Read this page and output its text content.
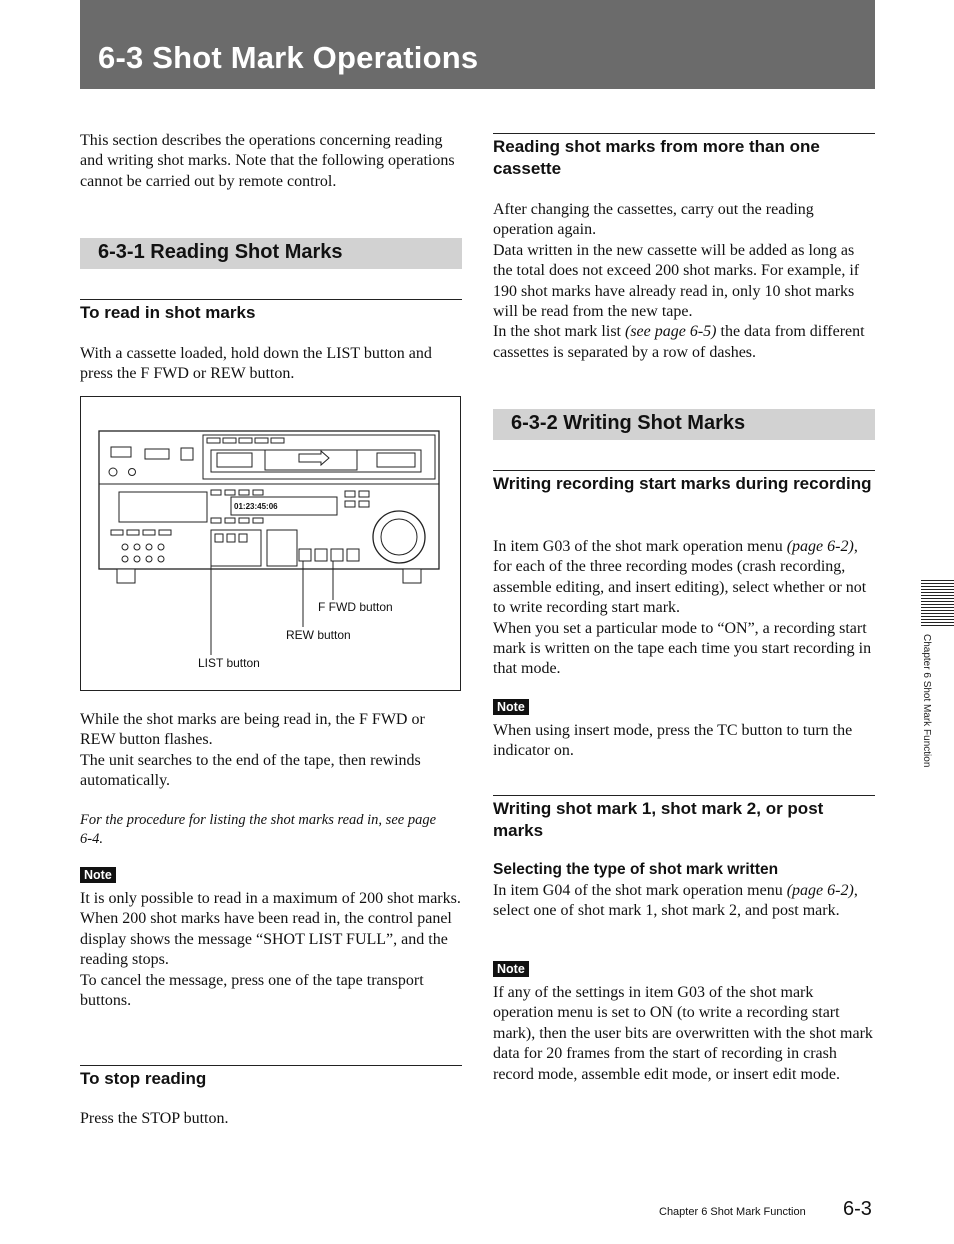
6-3 Shot Mark Operations
This section describes the operations concerning reading and writing shot marks. Note that the following operations cannot be carried out by remote control.
6-3-1 Reading Shot Marks
To read in shot marks
With a cassette loaded, hold down the LIST button and press the F FWD or REW button.
01:23:45:06
F FWD button
REW button
LIST button

While the shot marks are being read in, the F FWD or REW button flashes.

The unit searches to the end of the tape, then rewinds automatically.

For the procedure for listing the shot marks read in, see page 6-4.
Note

It is only possible to read in a maximum of 200 shot marks.

When 200 shot marks have been read in, the control panel display shows the message “SHOT LIST FULL”, and the reading stops.

To cancel the message, press one of the tape transport buttons.

To stop reading
Press the STOP button.
Reading shot marks from more than one cassette

After changing the cassettes, carry out the reading operation again.

Data written in the new cassette will be added as long as the total does not exceed 200 shot marks. For example, if 190 shot marks have already read in, only 10 shot marks will be read from the new tape.

In the shot mark list (see page 6-5) the data from different cassettes is separated by a row of dashes.

6-3-2 Writing Shot Marks
Writing recording start marks during recording

In item G03 of the shot mark operation menu (page 6-2), for each of the three recording modes (crash recording, assemble editing, and insert editing), select whether or not to write recording start mark.

When you set a particular mode to “ON”, a recording start mark is written on the tape each time you start recording in that mode.

Note
When using insert mode, press the TC button to turn the indicator on.
Writing shot mark 1, shot mark 2, or post marks
Selecting the type of shot mark written

In item G04 of the shot mark operation menu (page 6-2), select one of shot mark 1, shot mark 2, and post mark.

Note
If any of the settings in item G03 of the shot mark operation menu is set to ON (to write a recording start mark), then the user bits are overwritten with the shot mark data for 20 frames from the start of recording in crash record mode, assemble edit mode, or insert edit mode.
Chapter 6 Shot Mark Function
Chapter 6 Shot Mark Function 6-3
